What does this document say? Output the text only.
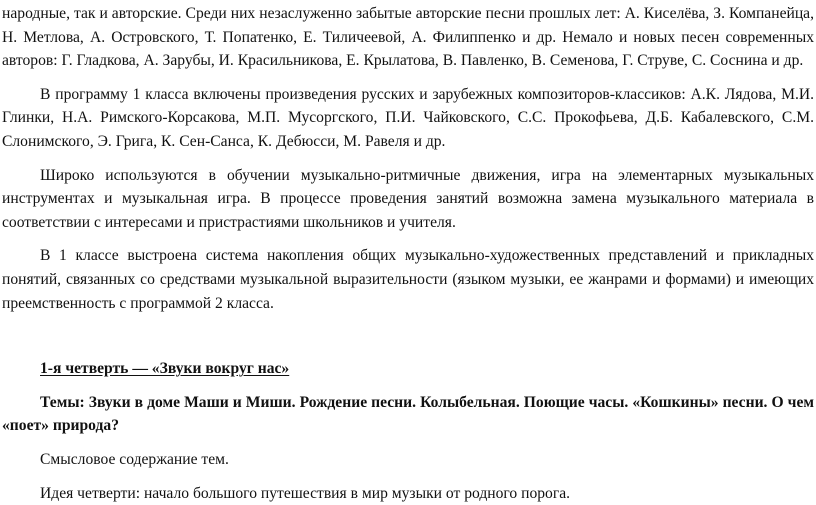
народные, так и авторские. Среди них незаслуженно забытые авторские песни прошлых лет: А. Киселёва, З. Компанейца, Н. Метлова, А. Островского, Т. Попатенко, Е. Тиличеевой, А. Филиппенко и др. Немало и новых песен современных авторов: Г. Гладкова, А. Зарубы, И. Красильникова, Е. Крылатова, В. Павленко, В. Семенова, Г. Струве, С. Соснина и др.

В программу 1 класса включены произведения русских и зарубежных композиторов-классиков: А.К. Лядова, М.И. Глинки, Н.А. Римского-Корсакова, М.П. Мусоргского, П.И. Чайковского, С.С. Прокофьева, Д.Б. Кабалевского, С.М. Слонимского, Э. Грига, К. Сен-Санса, К. Дебюсси, М. Равеля и др.

Широко используются в обучении музыкально-ритмичные движения, игра на элементарных музыкальных инструментах и музыкальная игра. В процессе проведения занятий возможна замена музыкального материала в соответствии с интересами и пристрастиями школьников и учителя.

В 1 классе выстроена система накопления общих музыкально-художественных представлений и прикладных понятий, связанных со средствами музыкальной выразительности (языком музыки, ее жанрами и формами) и имеющих преемственность с программой 2 класса.

1-я четверть — «Звуки вокруг нас»

Темы: Звуки в доме Маши и Миши. Рождение песни. Колыбельная. Поющие часы. «Кошкины» песни. О чем «поет» природа?

Смысловое содержание тем.

Идея четверти: начало большого путешествия в мир музыки от родного порога.
